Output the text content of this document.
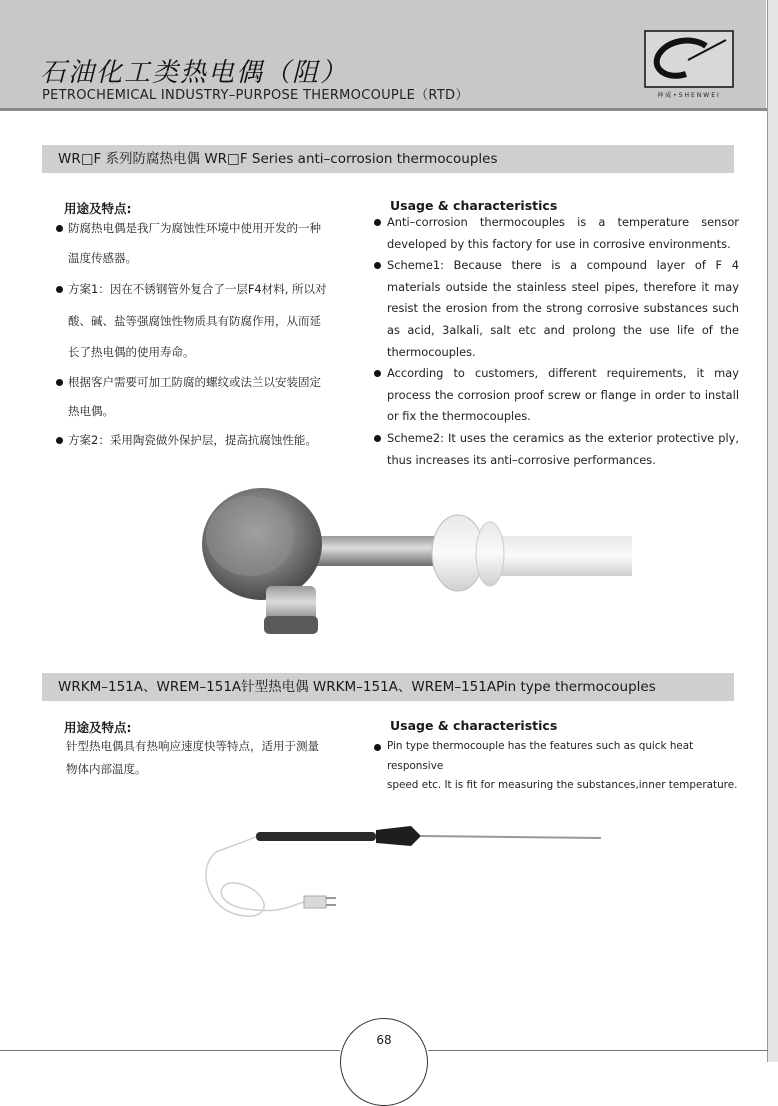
石油化工类热电偶（阻）
PETROCHEMICAL INDUSTRY–PURPOSE THERMOCOUPLE（RTD）	神威•SHENWEI
WR□F 系列防腐热电偶 WR□F Series anti–corrosion thermocouples
用途及特点:
防腐热电偶是我厂为腐蚀性环境中使用开发的一种
温度传感器。
方案1：因在不锈钢管外复合了一层F4材料, 所以对
酸、碱、盐等强腐蚀性物质具有防腐作用，从而延
长了热电偶的使用寿命。
根据客户需要可加工防腐的螺纹或法兰以安装固定
热电偶。
方案2：采用陶瓷做外保护层，提高抗腐蚀性能。
Usage & characteristics
Anti–corrosion thermocouples is a temperature sensor developed by this factory for use in corrosive environments.
Scheme1: Because there is a compound layer of F 4 materials outside the stainless steel pipes, therefore it may resist the erosion from the strong corrosive substances such as acid, 3alkali, salt etc and prolong the use life of the thermocouples.
According to customers, different requirements, it may process the corrosion proof screw or flange in order to install or fix the thermocouples.
Scheme2: It uses the ceramics as the exterior protective ply, thus increases its anti–corrosive performances.
WRKM–151A、WREM–151A针型热电偶 WRKM–151A、WREM–151APin type thermocouples
用途及特点:
针型热电偶具有热响应速度快等特点，适用于测量
物体内部温度。
Usage & characteristics
Pin type thermocouple has the features such as quick heat responsive
speed etc. It is fit for measuring the substances,inner temperature.
68
